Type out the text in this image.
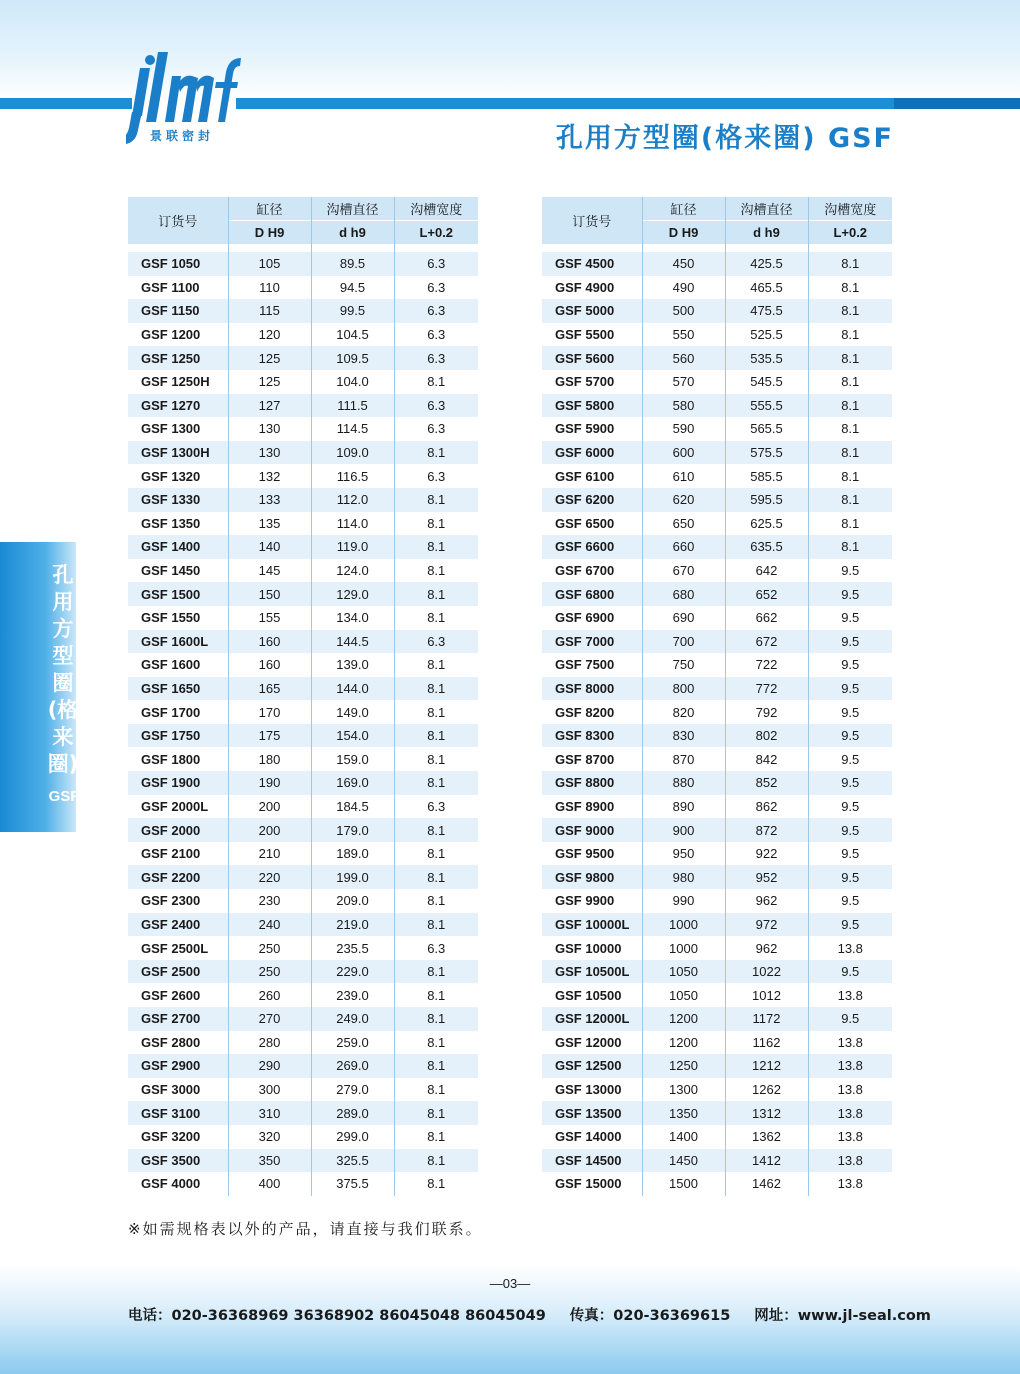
景联密封	孔用方型圈(格来圈) GSF
孔用方型圈(格来圈)
GSF
订货号	缸径	沟槽直径	沟槽宽度
	D H9	d h9	L+0.2

GSF 1050	105	89.5	6.3
GSF 1100	110	94.5	6.3
GSF 1150	115	99.5	6.3
GSF 1200	120	104.5	6.3
GSF 1250	125	109.5	6.3
GSF 1250H	125	104.0	8.1
GSF 1270	127	111.5	6.3
GSF 1300	130	114.5	6.3
GSF 1300H	130	109.0	8.1
GSF 1320	132	116.5	6.3
GSF 1330	133	112.0	8.1
GSF 1350	135	114.0	8.1
GSF 1400	140	119.0	8.1
GSF 1450	145	124.0	8.1
GSF 1500	150	129.0	8.1
GSF 1550	155	134.0	8.1
GSF 1600L	160	144.5	6.3
GSF 1600	160	139.0	8.1
GSF 1650	165	144.0	8.1
GSF 1700	170	149.0	8.1
GSF 1750	175	154.0	8.1
GSF 1800	180	159.0	8.1
GSF 1900	190	169.0	8.1
GSF 2000L	200	184.5	6.3
GSF 2000	200	179.0	8.1
GSF 2100	210	189.0	8.1
GSF 2200	220	199.0	8.1
GSF 2300	230	209.0	8.1
GSF 2400	240	219.0	8.1
GSF 2500L	250	235.5	6.3
GSF 2500	250	229.0	8.1
GSF 2600	260	239.0	8.1
GSF 2700	270	249.0	8.1
GSF 2800	280	259.0	8.1
GSF 2900	290	269.0	8.1
GSF 3000	300	279.0	8.1
GSF 3100	310	289.0	8.1
GSF 3200	320	299.0	8.1
GSF 3500	350	325.5	8.1
GSF 4000	400	375.5	8.1
订货号	缸径	沟槽直径	沟槽宽度
	D H9	d h9	L+0.2

GSF 4500	450	425.5	8.1
GSF 4900	490	465.5	8.1
GSF 5000	500	475.5	8.1
GSF 5500	550	525.5	8.1
GSF 5600	560	535.5	8.1
GSF 5700	570	545.5	8.1
GSF 5800	580	555.5	8.1
GSF 5900	590	565.5	8.1
GSF 6000	600	575.5	8.1
GSF 6100	610	585.5	8.1
GSF 6200	620	595.5	8.1
GSF 6500	650	625.5	8.1
GSF 6600	660	635.5	8.1
GSF 6700	670	642	9.5
GSF 6800	680	652	9.5
GSF 6900	690	662	9.5
GSF 7000	700	672	9.5
GSF 7500	750	722	9.5
GSF 8000	800	772	9.5
GSF 8200	820	792	9.5
GSF 8300	830	802	9.5
GSF 8700	870	842	9.5
GSF 8800	880	852	9.5
GSF 8900	890	862	9.5
GSF 9000	900	872	9.5
GSF 9500	950	922	9.5
GSF 9800	980	952	9.5
GSF 9900	990	962	9.5
GSF 10000L	1000	972	9.5
GSF 10000	1000	962	13.8
GSF 10500L	1050	1022	9.5
GSF 10500	1050	1012	13.8
GSF 12000L	1200	1172	9.5
GSF 12000	1200	1162	13.8
GSF 12500	1250	1212	13.8
GSF 13000	1300	1262	13.8
GSF 13500	1350	1312	13.8
GSF 14000	1400	1362	13.8
GSF 14500	1450	1412	13.8
GSF 15000	1500	1462	13.8
※如需规格表以外的产品，请直接与我们联系。
—03—
电话：020-36368969 36368902 86045048 86045049 传真：020-36369615 网址：www.jl-seal.com
